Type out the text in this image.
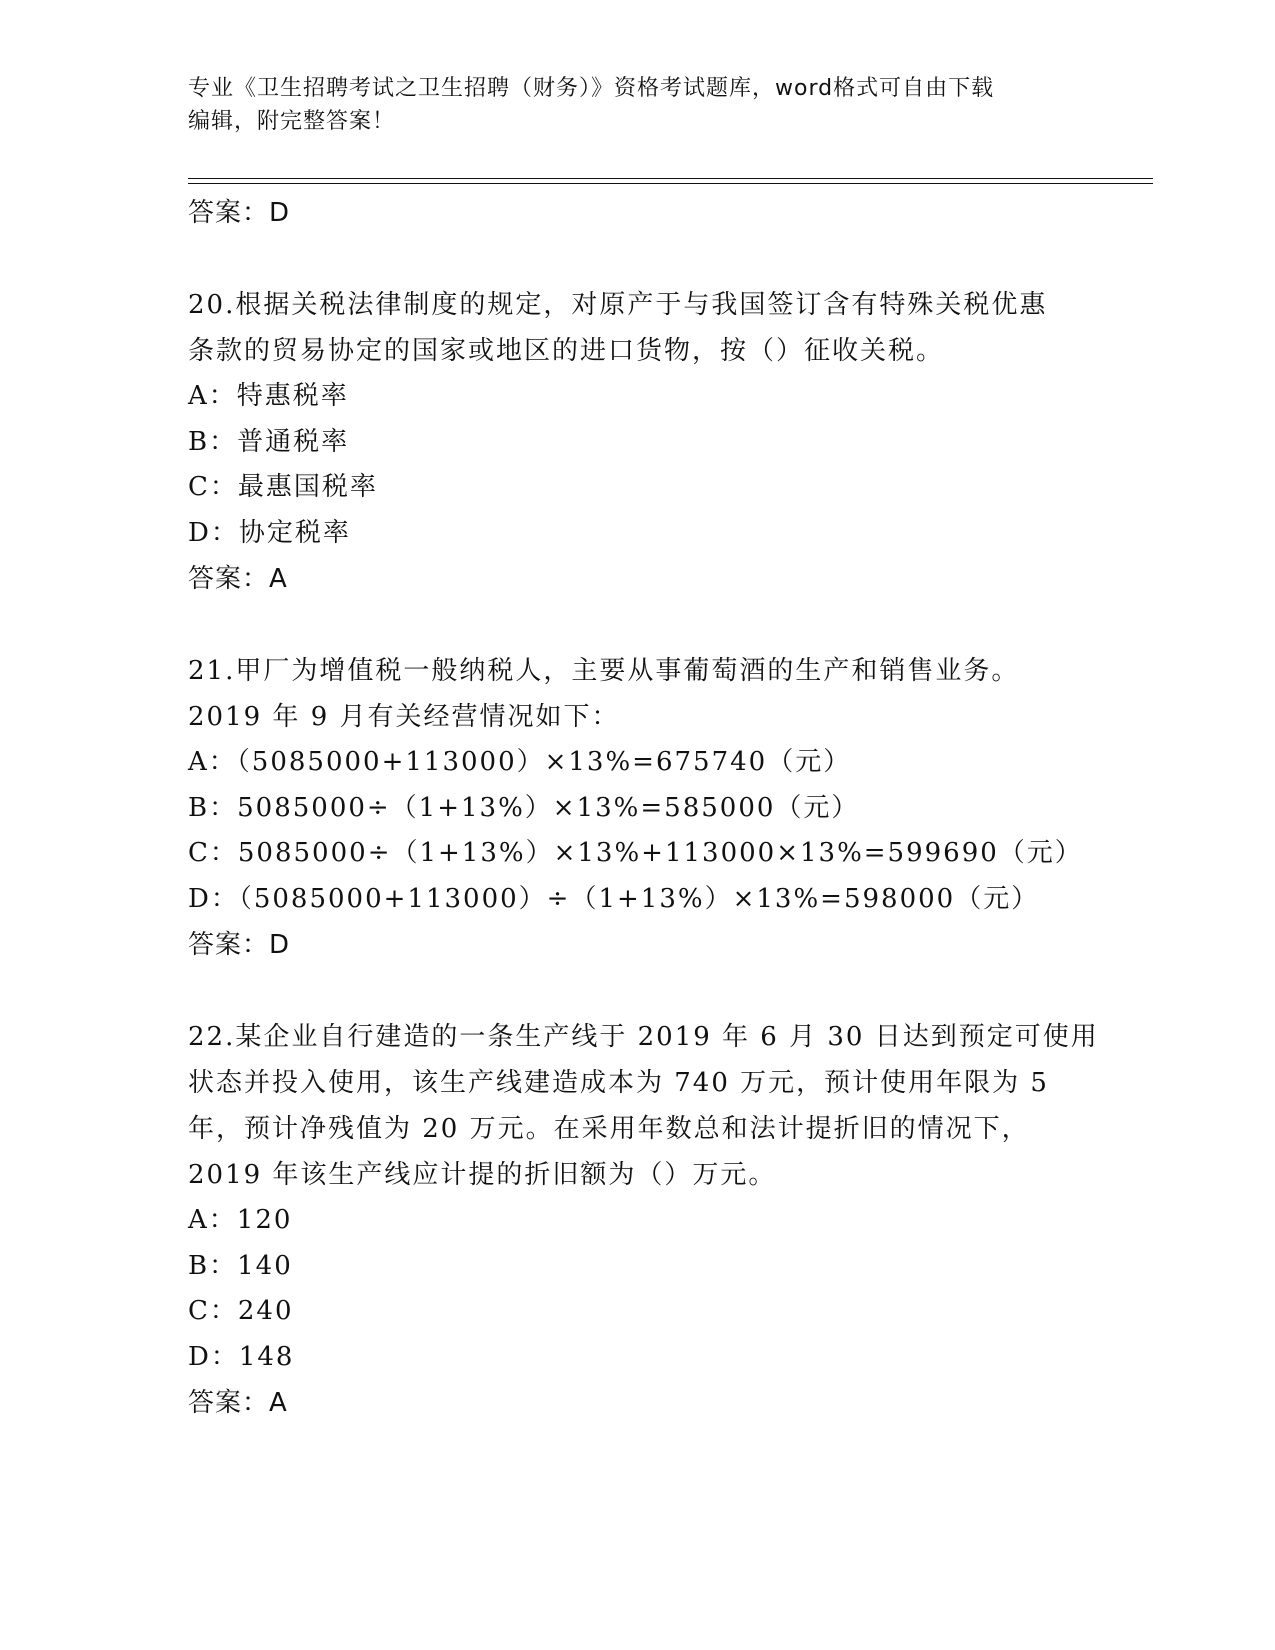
专业《卫生招聘考试之卫生招聘（财务）》资格考试题库，word格式可自由下载
编辑，附完整答案！
答案：D
20.根据关税法律制度的规定，对原产于与我国签订含有特殊关税优惠
条款的贸易协定的国家或地区的进口货物，按（）征收关税。
A：特惠税率
B：普通税率
C：最惠国税率
D：协定税率
答案：A
21.甲厂为增值税一般纳税人，主要从事葡萄酒的生产和销售业务。
2019 年 9 月有关经营情况如下：
A：（5085000+113000）×13%=675740（元）
B：5085000÷（1+13%）×13%=585000（元）
C：5085000÷（1+13%）×13%+113000×13%=599690（元）
D：（5085000+113000）÷（1+13%）×13%=598000（元）
答案：D
22.某企业自行建造的一条生产线于 2019 年 6 月 30 日达到预定可使用
状态并投入使用，该生产线建造成本为 740 万元，预计使用年限为 5
年，预计净残值为 20 万元。在采用年数总和法计提折旧的情况下，
2019 年该生产线应计提的折旧额为（）万元。
A：120
B：140
C：240
D：148
答案：A
